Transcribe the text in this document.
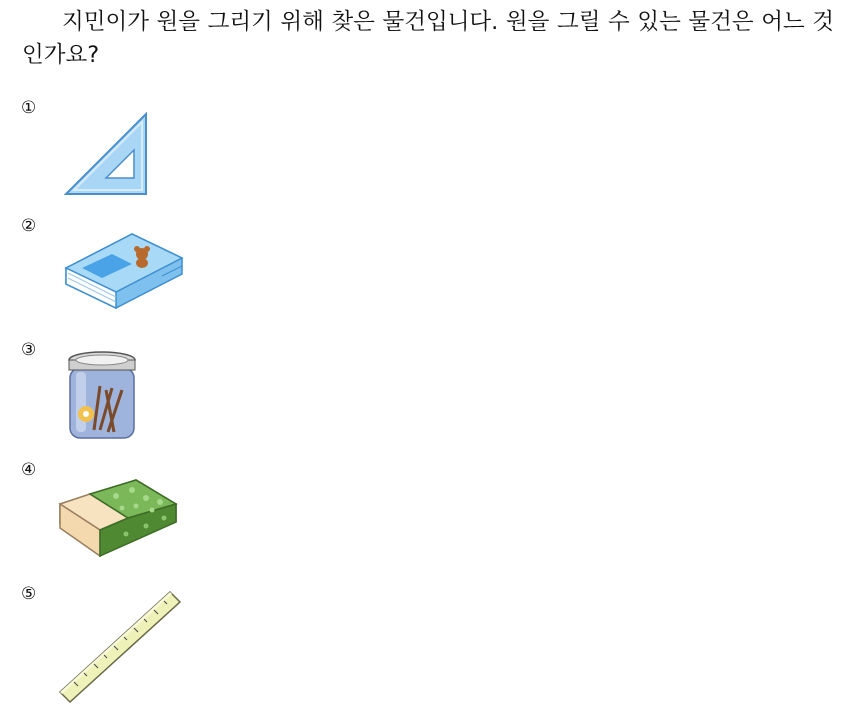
지민이가 원을 그리기 위해 찾은 물건입니다. 원을 그릴 수 있는 물건은 어느 것인가요?

①
②
③
④
⑤
